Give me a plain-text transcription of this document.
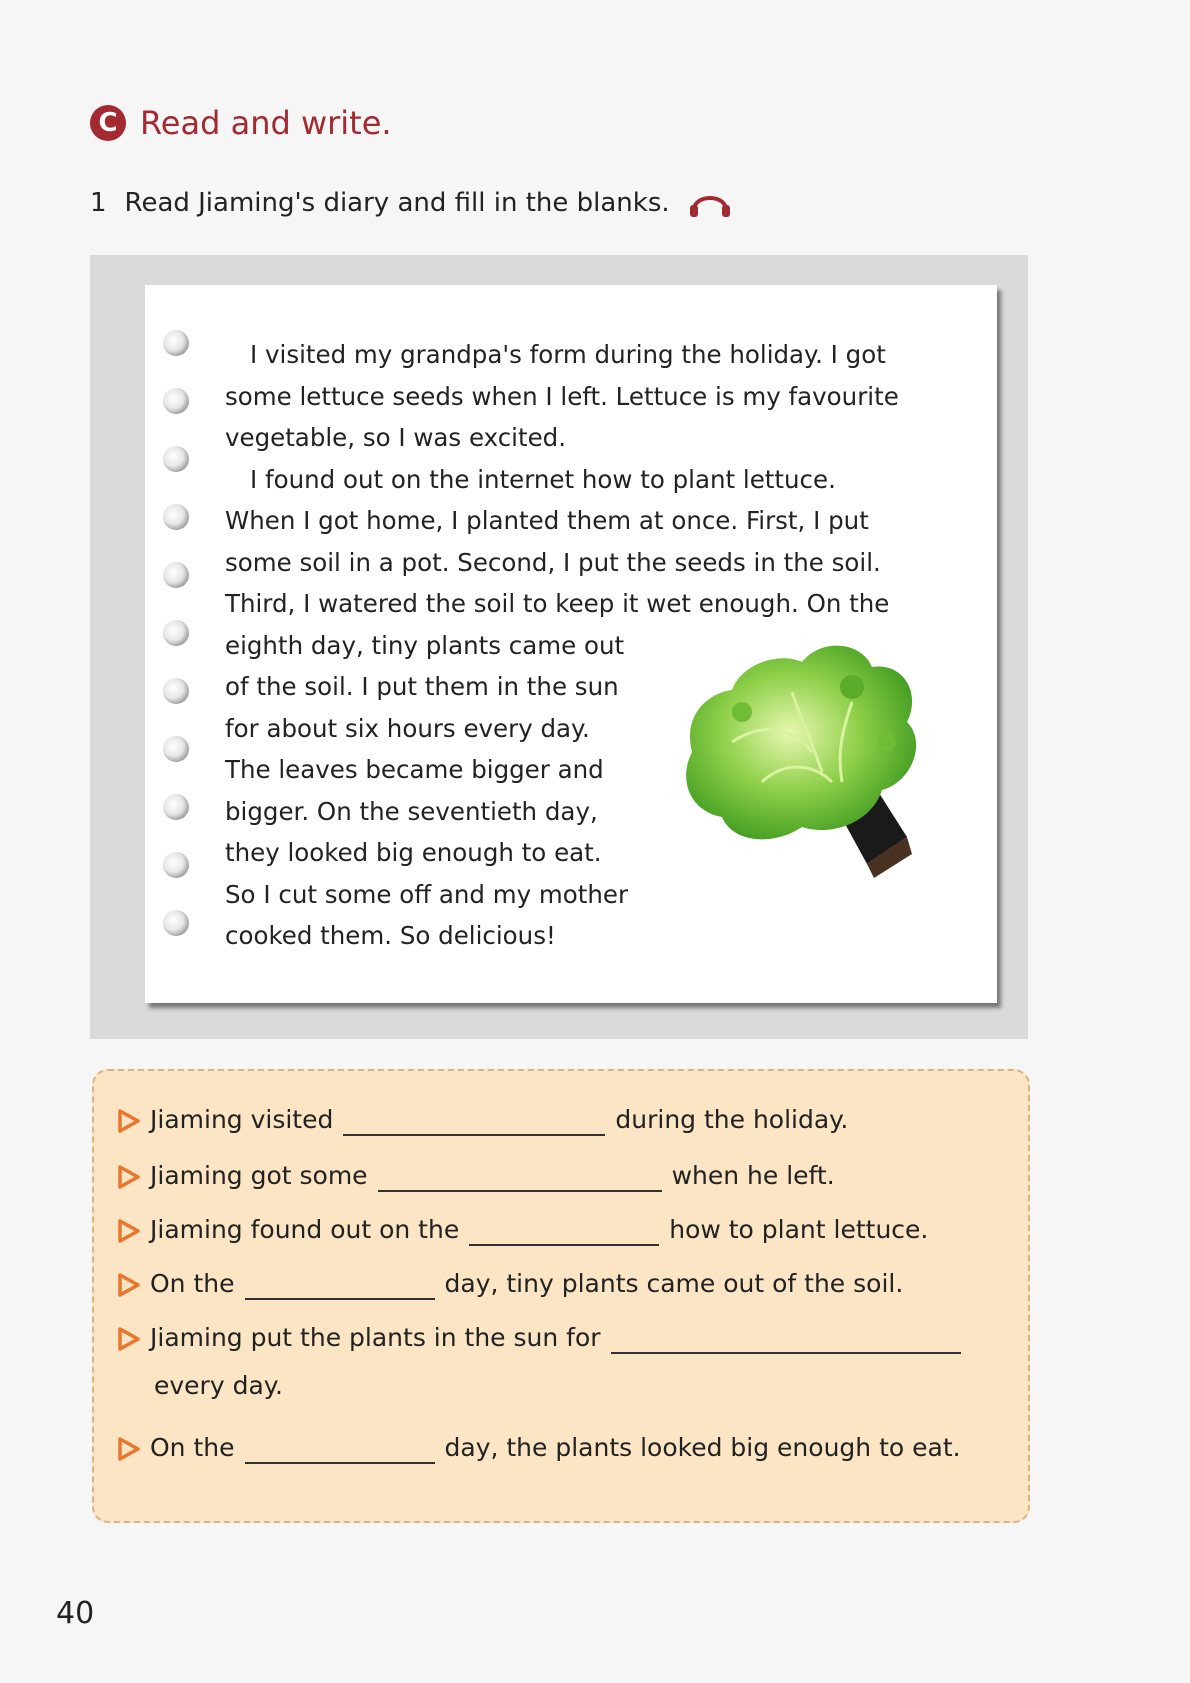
C Read and write.
1 Read Jiaming's diary and fill in the blanks.

I visited my grandpa's form during the holiday. I got

some lettuce seeds when I left. Lettuce is my favourite

vegetable, so I was excited.

I found out on the internet how to plant lettuce.

When I got home, I planted them at once. First, I put

some soil in a pot. Second, I put the seeds in the soil.

Third, I watered the soil to keep it wet enough. On the

eighth day, tiny plants came out

of the soil. I put them in the sun

for about six hours every day.

The leaves became bigger and

bigger. On the seventieth day,

they looked big enough to eat.

So I cut some off and my mother

cooked them. So delicious!

Jiaming visited	during the holiday.
Jiaming got some	when he left.
Jiaming found out on the	how to plant lettuce.
On the	day, tiny plants came out of the soil.
Jiaming put the plants in the sun for
every day.
On the	day, the plants looked big enough to eat.
40
